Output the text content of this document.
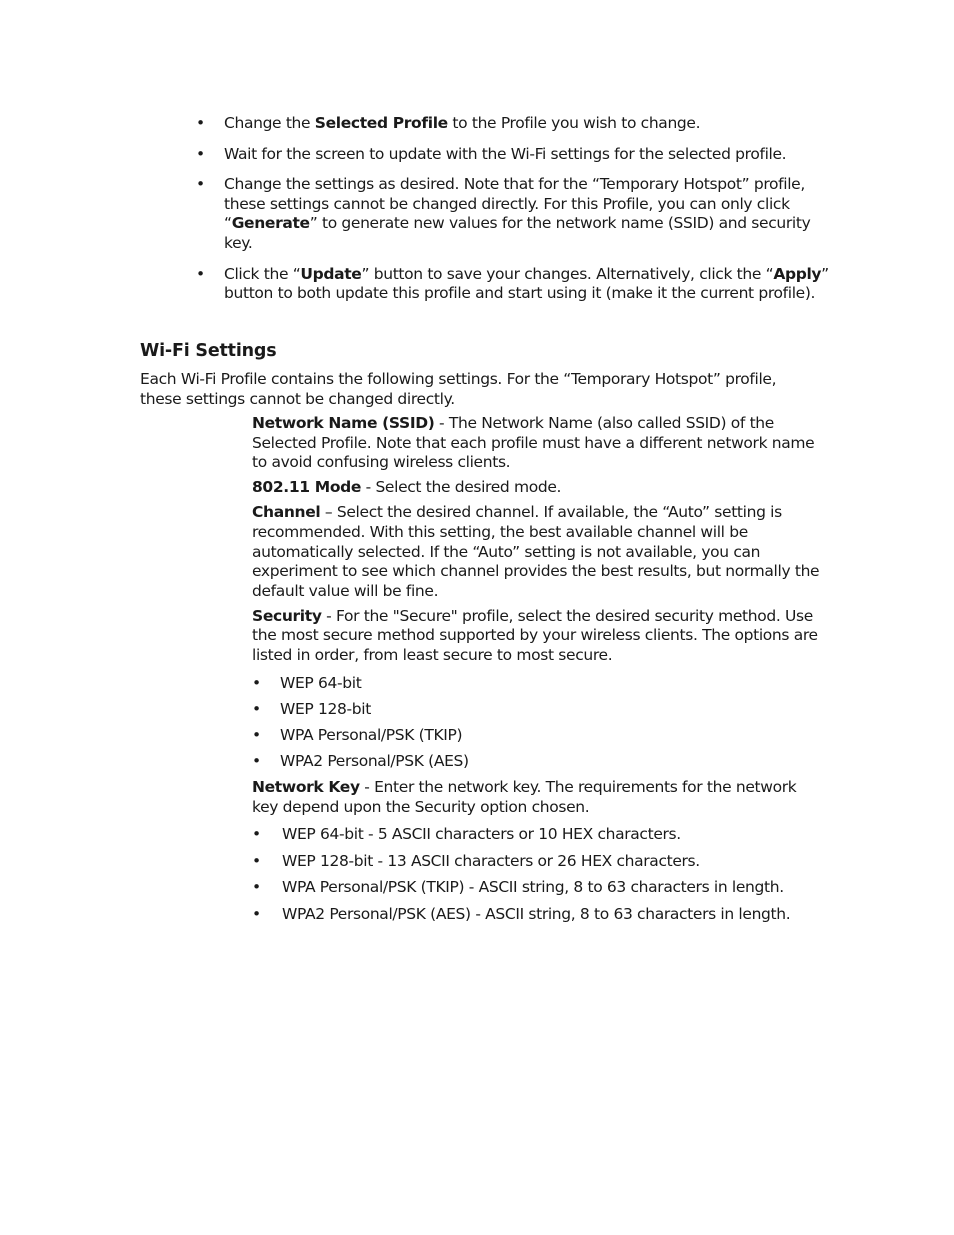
• Change the Selected Profile to the Profile you wish to change.
• Wait for the screen to update with the Wi-Fi settings for the selected profile.
• Change the settings as desired. Note that for the “Temporary Hotspot” profile, these settings cannot be changed directly. For this Profile, you can only click “Generate” to generate new values for the network name (SSID) and security key.
• Click the “Update” button to save your changes. Alternatively, click the “Apply” button to both update this profile and start using it (make it the current profile).
Wi-Fi Settings

Each Wi-Fi Profile contains the following settings. For the “Temporary Hotspot” profile, these settings cannot be changed directly.

Network Name (SSID) - The Network Name (also called SSID) of the Selected Profile. Note that each profile must have a different network name to avoid confusing wireless clients.

802.11 Mode - Select the desired mode.

Channel – Select the desired channel. If available, the “Auto” setting is recommended. With this setting, the best available channel will be automatically selected. If the “Auto” setting is not available, you can experiment to see which channel provides the best results, but normally the default value will be fine.

Security - For the "Secure" profile, select the desired security method. Use the most secure method supported by your wireless clients. The options are listed in order, from least secure to most secure.

• WEP 64-bit
• WEP 128-bit
• WPA Personal/PSK (TKIP)
• WPA2 Personal/PSK (AES)

Network Key - Enter the network key. The requirements for the network key depend upon the Security option chosen.

• WEP 64-bit - 5 ASCII characters or 10 HEX characters.
• WEP 128-bit - 13 ASCII characters or 26 HEX characters.
• WPA Personal/PSK (TKIP) - ASCII string, 8 to 63 characters in length.
• WPA2 Personal/PSK (AES) - ASCII string, 8 to 63 characters in length.
